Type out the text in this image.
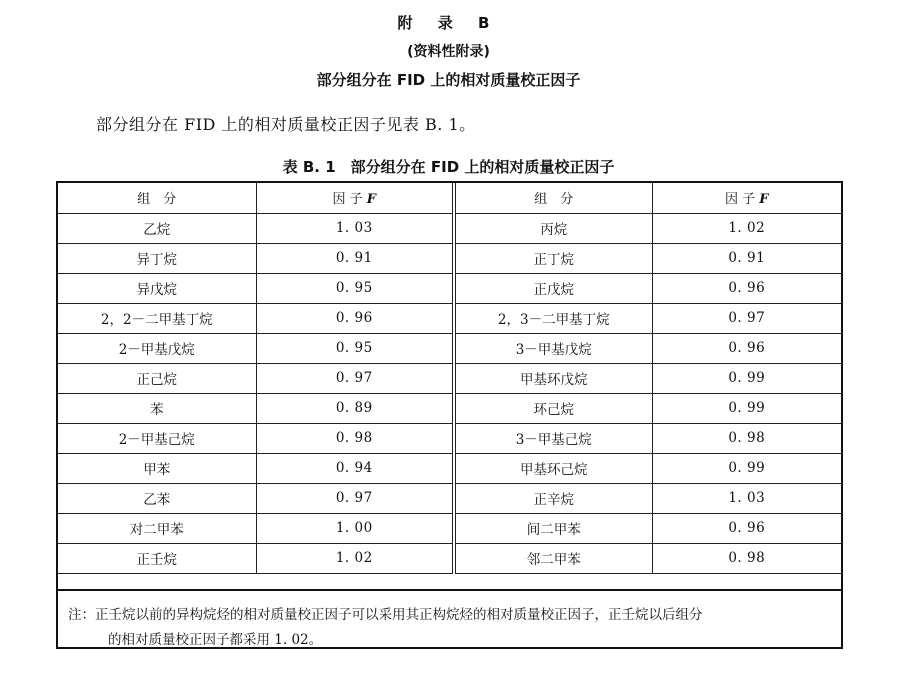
附 录 B
(资料性附录)
部分组分在 FID 上的相对质量校正因子
部分组分在 FID 上的相对质量校正因子见表 B. 1。
表 B. 1　部分组分在 FID 上的相对质量校正因子
组　分	因 子 F	组　分	因 子 F
乙烷	1. 03	丙烷	1. 02
异丁烷	0. 91	正丁烷	0. 91
异戊烷	0. 95	正戊烷	0. 96
2，2－二甲基丁烷	0. 96	2，3－二甲基丁烷	0. 97
2－甲基戊烷	0. 95	3－甲基戊烷	0. 96
正己烷	0. 97	甲基环戊烷	0. 99
苯	0. 89	环己烷	0. 99
2－甲基己烷	0. 98	3－甲基己烷	0. 98
甲苯	0. 94	甲基环己烷	0. 99
乙苯	0. 97	正辛烷	1. 03
对二甲苯	1. 00	间二甲苯	0. 96
正壬烷	1. 02	邻二甲苯	0. 98
注：正壬烷以前的异构烷烃的相对质量校正因子可以采用其正构烷烃的相对质量校正因子，正壬烷以后组分
的相对质量校正因子都采用 1. 02。
